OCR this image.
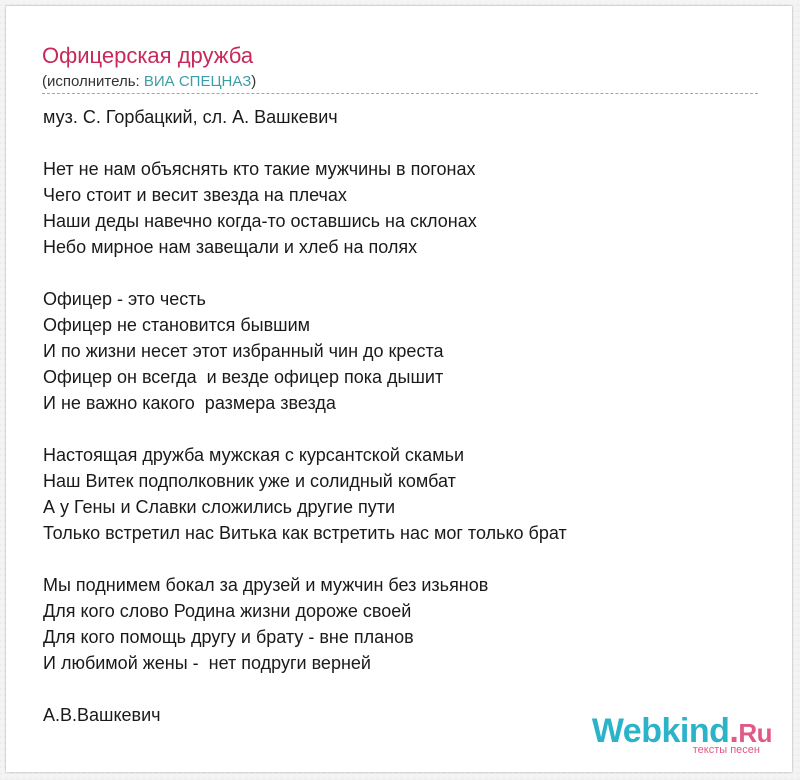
Офицерская дружба
(исполнитель: ВИА СПЕЦНАЗ)
муз. С. Горбацкий, сл. А. Вашкевич
Нет не нам объяснять кто такие мужчины в погонах
Чего стоит и весит звезда на плечах
Наши деды навечно когда-то оставшись на склонах
Небо мирное нам завещали и хлеб на полях
Офицер - это честь
Офицер не становится бывшим
И по жизни несет этот избранный чин до креста
Офицер он всегда  и везде офицер пока дышит
И не важно какого  размера звезда
Настоящая дружба мужская с курсантской скамьи
Наш Витек подполковник уже и солидный комбат
А у Гены и Славки сложились другие пути
Только встретил нас Витька как встретить нас мог только брат
Мы поднимем бокал за друзей и мужчин без изьянов
Для кого слово Родина жизни дороже своей
Для кого помощь другу и брату - вне планов
И любимой жены -  нет подруги верней
А.В.Вашкевич	Webkind.Ru
тексты песен
